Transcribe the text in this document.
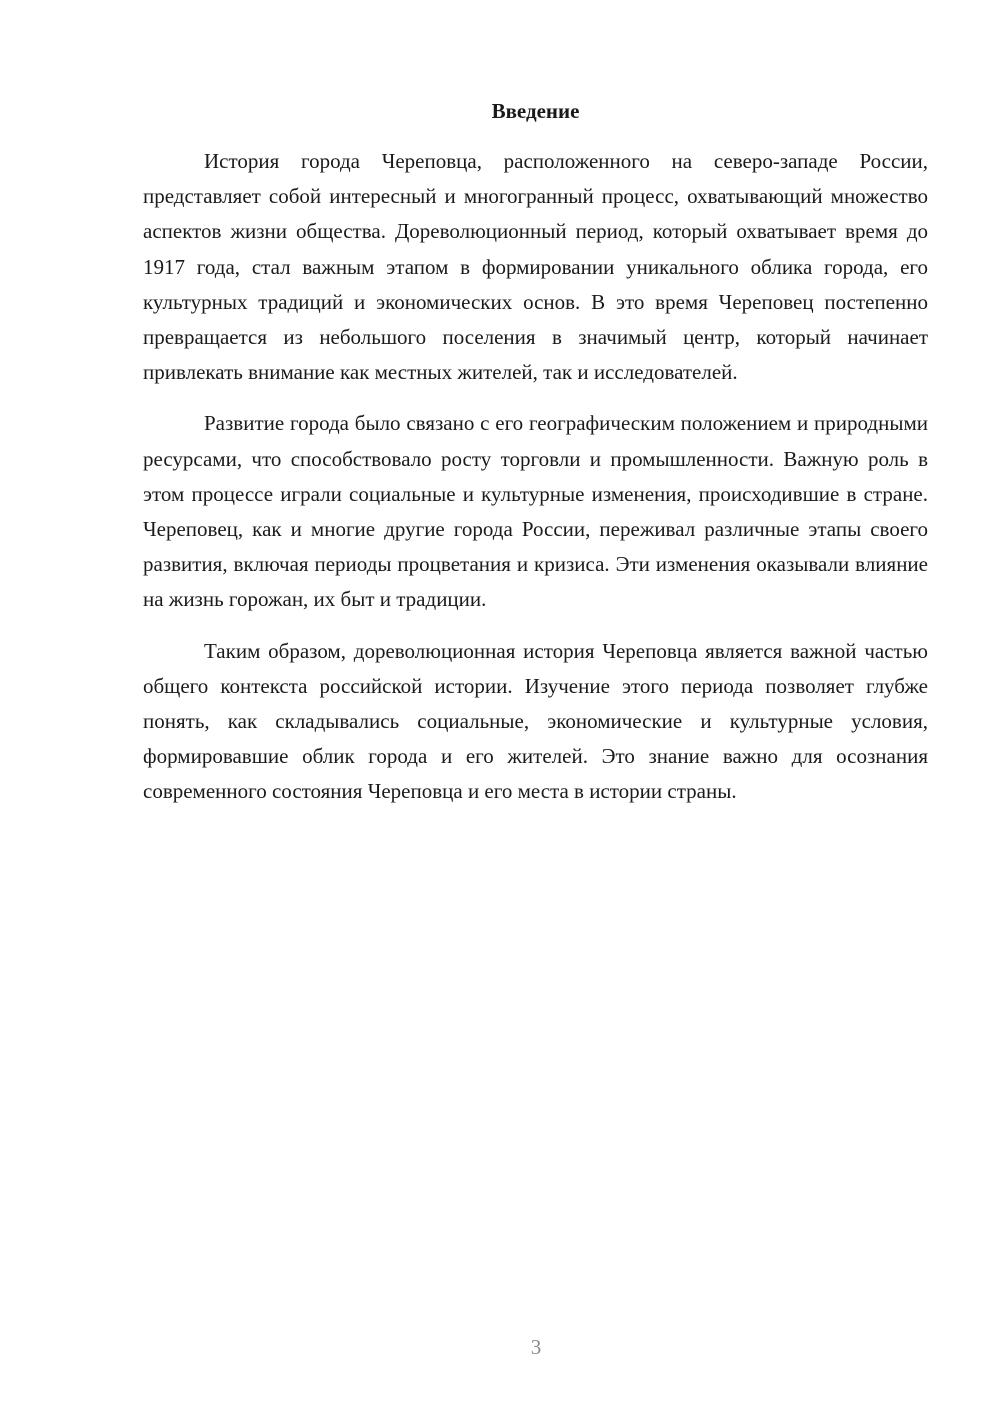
Введение

История города Череповца, расположенного на северо-западе России, представляет собой интересный и многогранный процесс, охватывающий множество аспектов жизни общества. Дореволюционный период, который охватывает время до 1917 года, стал важным этапом в формировании уникального облика города, его культурных традиций и экономических основ. В это время Череповец постепенно превращается из небольшого поселения в значимый центр, который начинает привлекать внимание как местных жителей, так и исследователей.

Развитие города было связано с его географическим положением и природными ресурсами, что способствовало росту торговли и промышленности. Важную роль в этом процессе играли социальные и культурные изменения, происходившие в стране. Череповец, как и многие другие города России, переживал различные этапы своего развития, включая периоды процветания и кризиса. Эти изменения оказывали влияние на жизнь горожан, их быт и традиции.

Таким образом, дореволюционная история Череповца является важной частью общего контекста российской истории. Изучение этого периода позволяет глубже понять, как складывались социальные, экономические и культурные условия, формировавшие облик города и его жителей. Это знание важно для осознания современного состояния Череповца и его места в истории страны.

3
